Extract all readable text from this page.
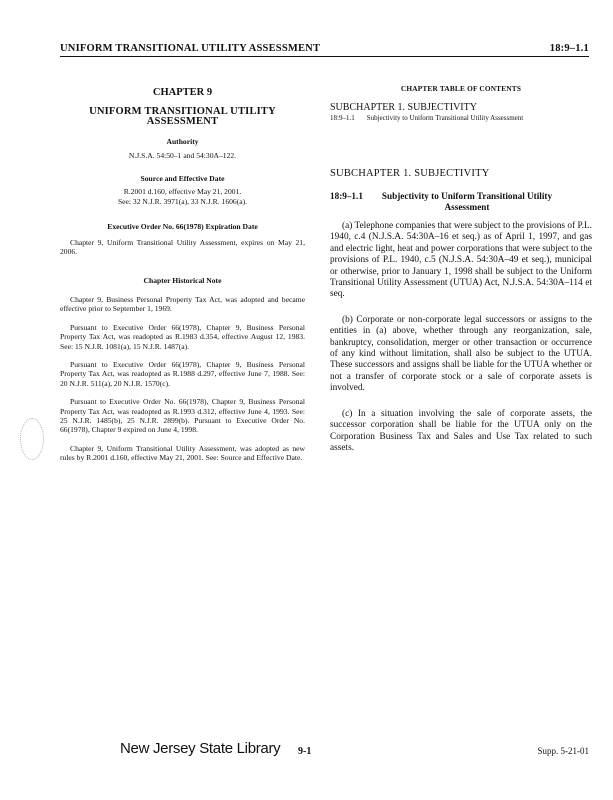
UNIFORM TRANSITIONAL UTILITY ASSESSMENT	18:9–1.1
CHAPTER 9
UNIFORM TRANSITIONAL UTILITY ASSESSMENT
Authority
N.J.S.A. 54:50–1 and 54:30A–122.
Source and Effective Date
R.2001 d.160, effective May 21, 2001.
See: 32 N.J.R. 3971(a), 33 N.J.R. 1606(a).
Executive Order No. 66(1978) Expiration Date

Chapter 9, Uniform Transitional Utility Assessment, expires on May 21, 2006.

Chapter Historical Note

Chapter 9, Business Personal Property Tax Act, was adopted and became effective prior to September 1, 1969.

Pursuant to Executive Order 66(1978), Chapter 9, Business Personal Property Tax Act, was readopted as R.1983 d.354, effective August 12, 1983. See: 15 N.J.R. 1081(a), 15 N.J.R. 1487(a).

Pursuant to Executive Order 66(1978), Chapter 9, Business Personal Property Tax Act, was readopted as R.1988 d.297, effective June 7, 1988. See: 20 N.J.R. 511(a), 20 N.J.R. 1570(c).

Pursuant to Executive Order No. 66(1978), Chapter 9, Business Personal Property Tax Act, was readopted as R.1993 d.312, effective June 4, 1993. See: 25 N.J.R. 1485(b), 25 N.J.R. 2899(b). Pursuant to Executive Order No. 66(1978), Chapter 9 expired on June 4, 1998.

Chapter 9, Uniform Transitional Utility Assessment, was adopted as new rules by R.2001 d.160, effective May 21, 2001. See: Source and Effective Date.

CHAPTER TABLE OF CONTENTS
SUBCHAPTER 1. SUBJECTIVITY
18:9–1.1 Subjectivity to Uniform Transitional Utility Assessment
SUBCHAPTER 1. SUBJECTIVITY
18:9–1.1	Subjectivity to Uniform Transitional Utility
Assessment

(a) Telephone companies that were subject to the provisions of P.L. 1940, c.4 (N.J.S.A. 54:30A–16 et seq.) as of April 1, 1997, and gas and electric light, heat and power corporations that were subject to the provisions of P.L. 1940, c.5 (N.J.S.A. 54:30A–49 et seq.), municipal or otherwise, prior to January 1, 1998 shall be subject to the Uniform Transitional Utility Assessment (UTUA) Act, N.J.S.A. 54:30A–114 et seq.

(b) Corporate or non-corporate legal successors or assigns to the entities in (a) above, whether through any reorganization, sale, bankruptcy, consolidation, merger or other transaction or occurrence of any kind without limitation, shall also be subject to the UTUA. These successors and assigns shall be liable for the UTUA whether or not a transfer of corporate stock or a sale of corporate assets is involved.

(c) In a situation involving the sale of corporate assets, the successor corporation shall be liable for the UTUA only on the Corporation Business Tax and Sales and Use Tax related to such assets.

New Jersey State Library 9-1	Supp. 5-21-01
